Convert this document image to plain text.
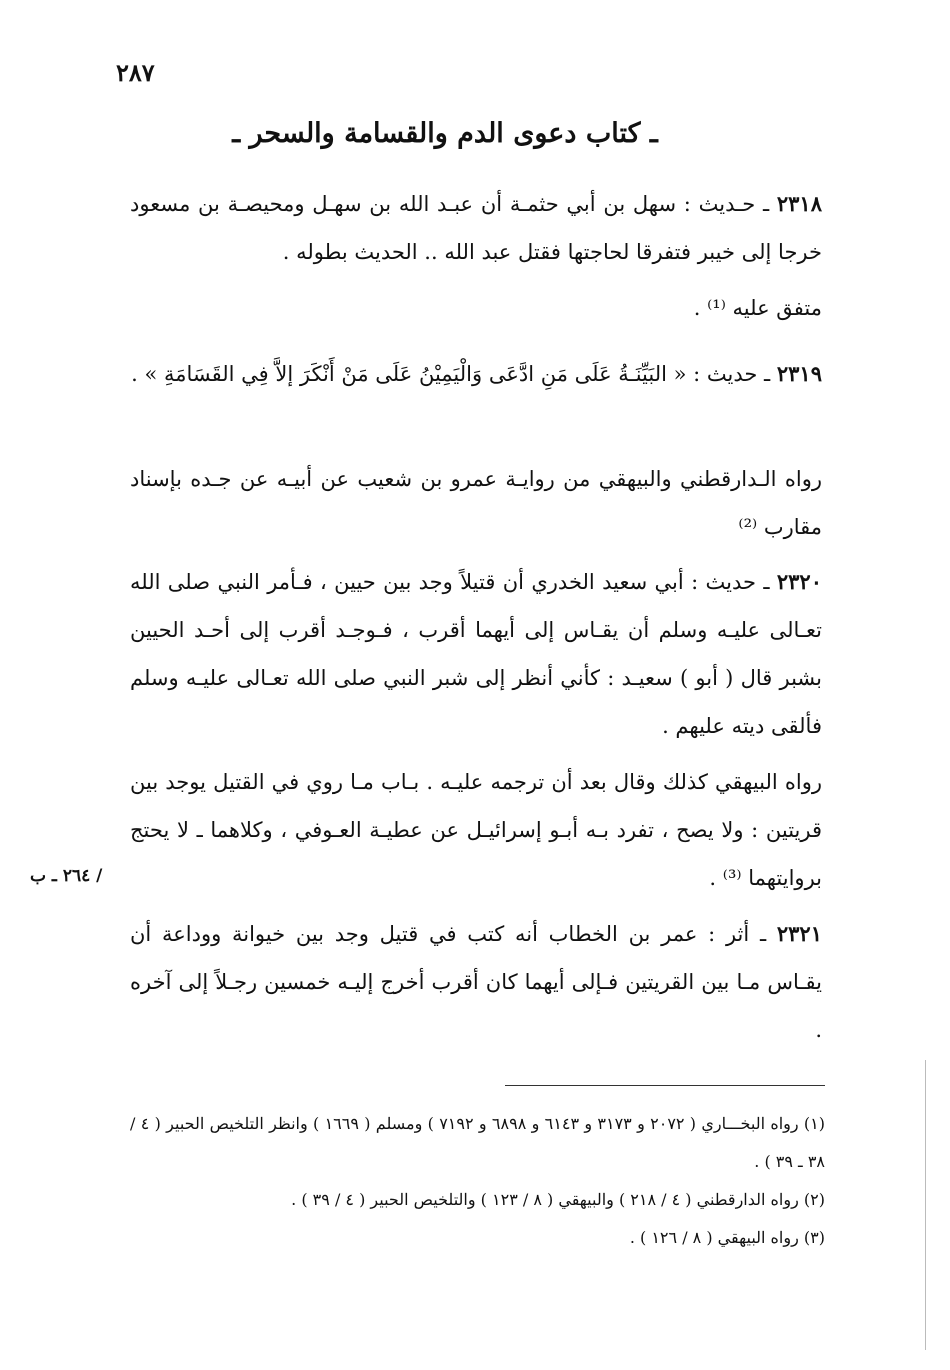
٢٨٧
ـ كتاب دعوى الدم والقسامة والسحر ـ
٢٣١٨ ـ حـديث : سهل بن أبي حثمـة أن عبـد الله بن سهـل ومحيصـة بن مسعود خرجا إلى خيبر فتفرقا لحاجتها فقتل عبد الله .. الحديث بطوله .
متفق عليه ⁽¹⁾ .
٢٣١٩ ـ حديث : « البَيِّنَـةُ عَلَى مَنِ ادَّعَى وَالْيَمِيْنُ عَلَى مَنْ أَنْكَرَ إلاَّ فِي القَسَامَةِ » .
رواه الـدارقطني والبيهقي من روايـة عمرو بن شعيب عن أبيـه عن جـده بإسناد مقارب ⁽²⁾
٢٣٢٠ ـ حديث : أبي سعيد الخدري أن قتيلاً وجد بين حيين ، فـأمر النبي صلى الله تعـالى عليـه وسلم أن يقـاس إلى أيهما أقرب ، فـوجـد أقرب إلى أحـد الحيين بشبر قال ( أبو ) سعيـد : كأني أنظر إلى شبر النبي صلى الله تعـالى عليـه وسلم فألقى ديته عليهم .
رواه البيهقي كذلك وقال بعد أن ترجمه عليـه . بـاب مـا روي في القتيل يوجد بين قريتين : ولا يصح ، تفرد بـه أبـو إسرائيـل عن عطيـة العـوفي ، وكلاهما ـ لا يحتج بروايتهما ⁽³⁾ .
/ ٢٦٤ ـ ب
٢٣٢١ ـ أثر : عمر بن الخطاب أنه كتب في قتيل وجد بين خيوانة ووداعة أن يقـاس مـا بين القريتين فـإلى أيهما كان أقرب أخرج إليـه خمسين رجـلاً إلى آخره .
(١) رواه البخـــاري ( ٢٠٧٢ و ٣١٧٣ و ٦١٤٣ و ٦٨٩٨ و ٧١٩٢ ) ومسلم ( ١٦٦٩ ) وانظر التلخيص الحبير ( ٤ / ٣٨ ـ ٣٩ ) .
(٢) رواه الدارقطني ( ٤ / ٢١٨ ) والبيهقي ( ٨ / ١٢٣ ) والتلخيص الحبير ( ٤ / ٣٩ ) .
(٣) رواه البيهقي ( ٨ / ١٢٦ ) .
